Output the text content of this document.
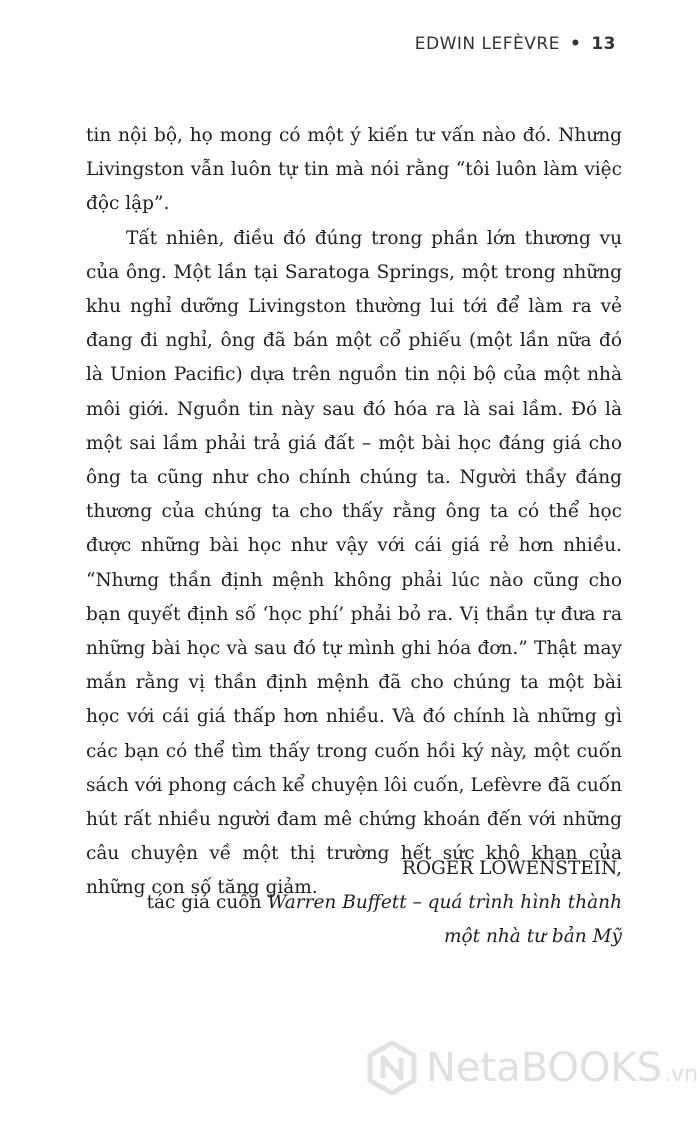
EDWIN LEFÈVRE • 13

tin nội bộ, họ mong có một ý kiến tư vấn nào đó. Nhưng Livingston vẫn luôn tự tin mà nói rằng “tôi luôn làm việc độc lập”.

Tất nhiên, điều đó đúng trong phần lớn thương vụ của ông. Một lần tại Saratoga Springs, một trong những khu nghỉ dưỡng Livingston thường lui tới để làm ra vẻ đang đi nghỉ, ông đã bán một cổ phiếu (một lần nữa đó là Union Pacific) dựa trên nguồn tin nội bộ của một nhà môi giới. Nguồn tin này sau đó hóa ra là sai lầm. Đó là một sai lầm phải trả giá đất – một bài học đáng giá cho ông ta cũng như cho chính chúng ta. Người thầy đáng thương của chúng ta cho thấy rằng ông ta có thể học được những bài học như vậy với cái giá rẻ hơn nhiều. “Nhưng thần định mệnh không phải lúc nào cũng cho bạn quyết định số ‘học phí’ phải bỏ ra. Vị thần tự đưa ra những bài học và sau đó tự mình ghi hóa đơn.” Thật may mắn rằng vị thần định mệnh đã cho chúng ta một bài học với cái giá thấp hơn nhiều. Và đó chính là những gì các bạn có thể tìm thấy trong cuốn hồi ký này, một cuốn sách với phong cách kể chuyện lôi cuốn, Lefèvre đã cuốn hút rất nhiều người đam mê chứng khoán đến với những câu chuyện về một thị trường hết sức khô khan của những con số tăng giảm.

ROGER LOWENSTEIN,
tác giả cuốn Warren Buffett – quá trình hình thành
một nhà tư bản Mỹ
NetaBOOKS .vn
